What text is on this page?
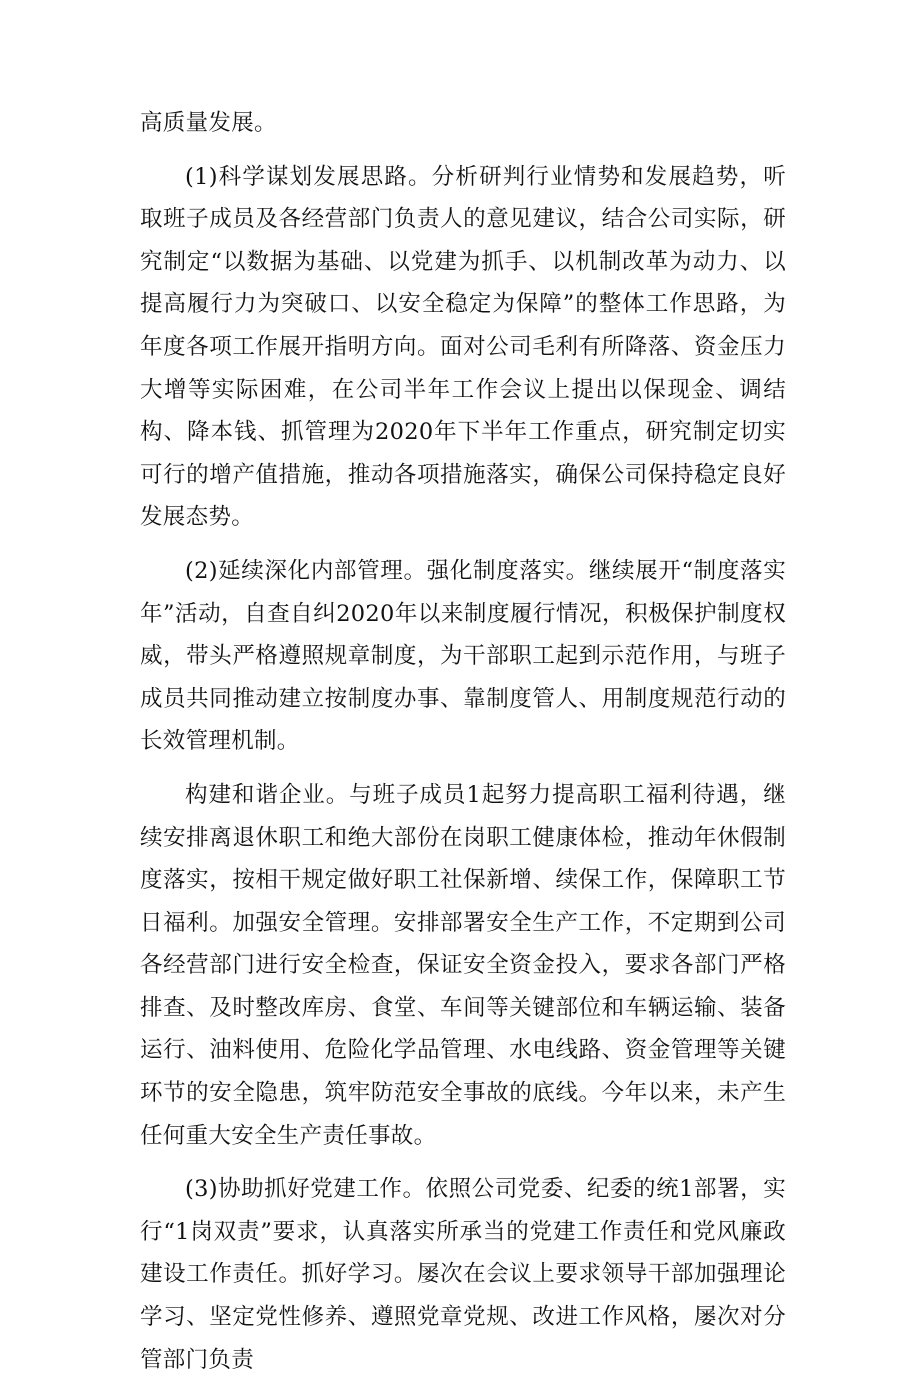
高质量发展。

(1)科学谋划发展思路。分析研判行业情势和发展趋势，听取班子成员及各经营部门负责人的意见建议，结合公司实际，研究制定“以数据为基础、以党建为抓手、以机制改革为动力、以提高履行力为突破口、以安全稳定为保障”的整体工作思路，为年度各项工作展开指明方向。面对公司毛利有所降落、资金压力大增等实际困难，在公司半年工作会议上提出以保现金、调结构、降本钱、抓管理为2020年下半年工作重点，研究制定切实可行的增产值措施，推动各项措施落实，确保公司保持稳定良好发展态势。

(2)延续深化内部管理。强化制度落实。继续展开“制度落实年”活动，自查自纠2020年以来制度履行情况，积极保护制度权威，带头严格遵照规章制度，为干部职工起到示范作用，与班子成员共同推动建立按制度办事、靠制度管人、用制度规范行动的长效管理机制。

构建和谐企业。与班子成员1起努力提高职工福利待遇，继续安排离退休职工和绝大部份在岗职工健康体检，推动年休假制度落实，按相干规定做好职工社保新增、续保工作，保障职工节日福利。加强安全管理。安排部署安全生产工作，不定期到公司各经营部门进行安全检查，保证安全资金投入，要求各部门严格排查、及时整改库房、食堂、车间等关键部位和车辆运输、装备运行、油料使用、危险化学品管理、水电线路、资金管理等关键环节的安全隐患，筑牢防范安全事故的底线。今年以来，未产生任何重大安全生产责任事故。

(3)协助抓好党建工作。依照公司党委、纪委的统1部署，实行“1岗双责”要求，认真落实所承当的党建工作责任和党风廉政建设工作责任。抓好学习。屡次在会议上要求领导干部加强理论学习、坚定党性修养、遵照党章党规、改进工作风格，屡次对分管部门负责
